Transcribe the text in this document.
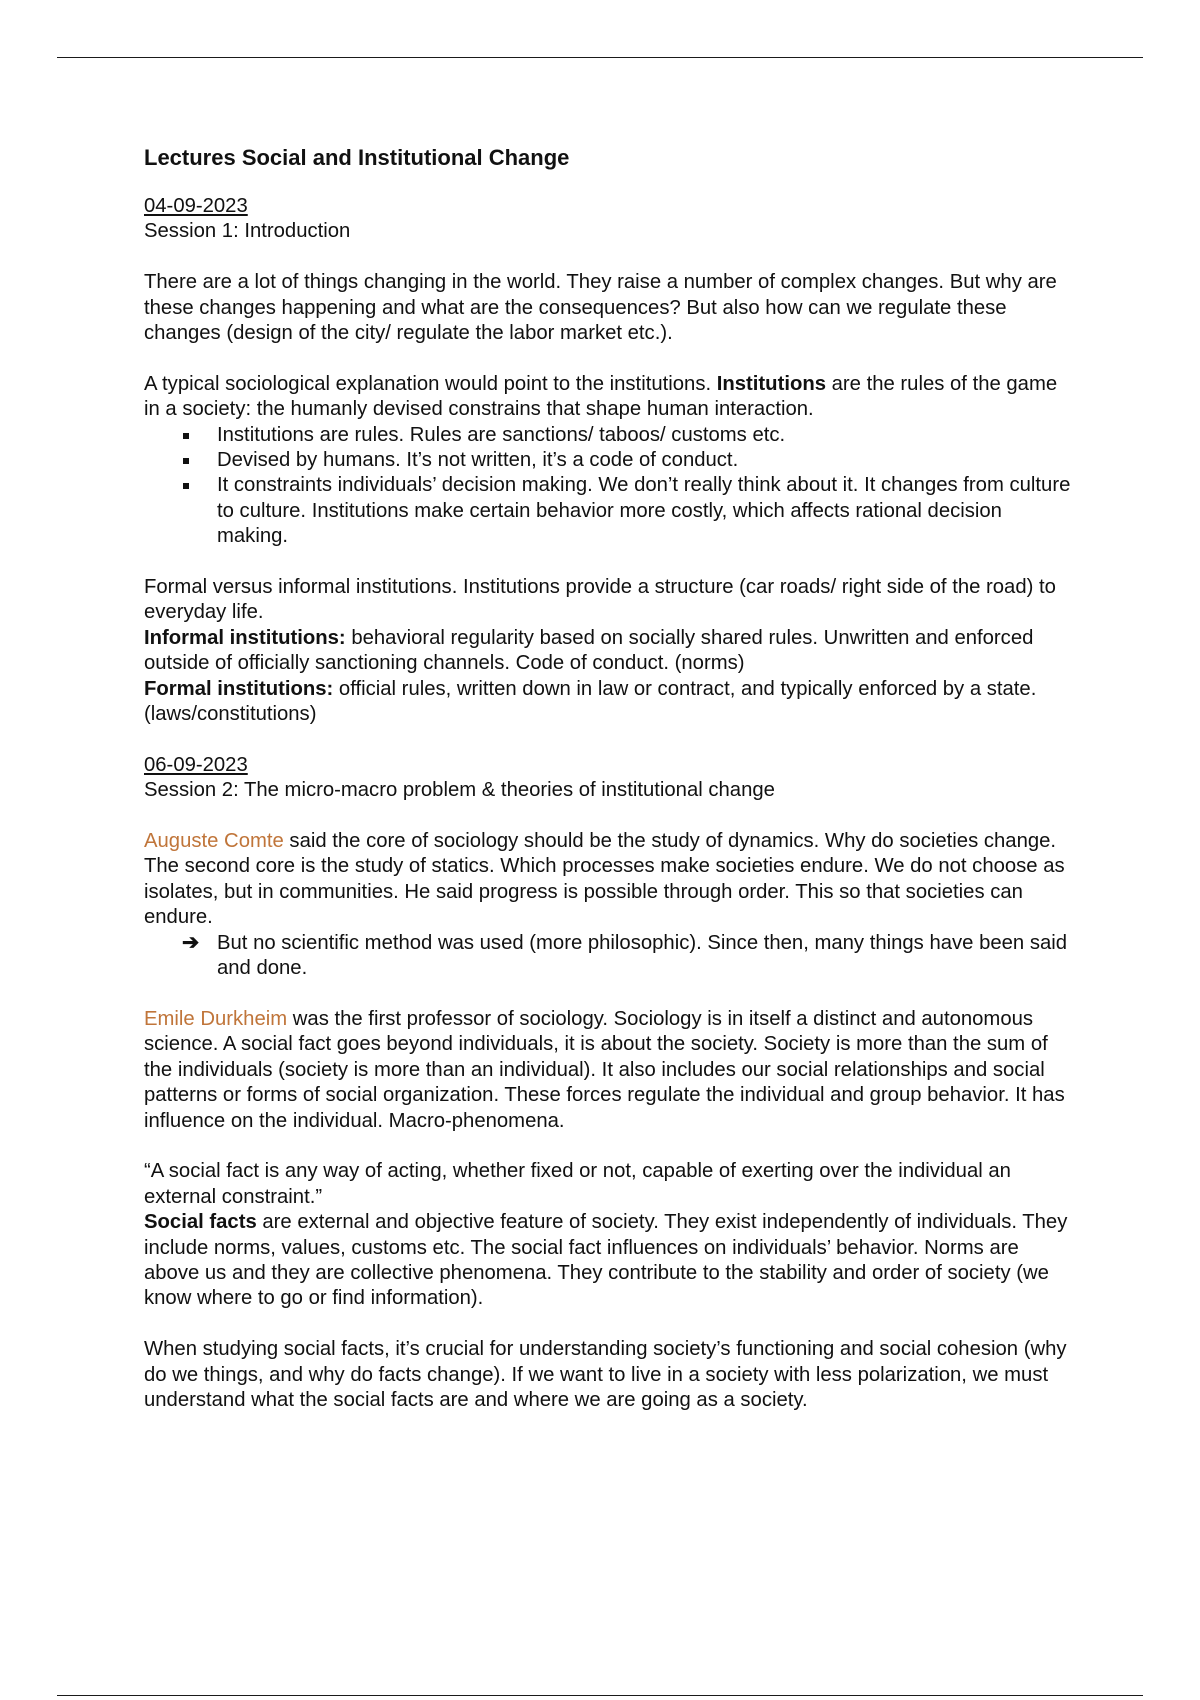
Lectures Social and Institutional Change
04-09-2023
Session 1: Introduction

There are a lot of things changing in the world. They raise a number of complex changes. But why are these changes happening and what are the consequences? But also how can we regulate these changes (design of the city/ regulate the labor market etc.).

A typical sociological explanation would point to the institutions. Institutions are the rules of the game in a society: the humanly devised constrains that shape human interaction.

Institutions are rules. Rules are sanctions/ taboos/ customs etc.
Devised by humans. It’s not written, it’s a code of conduct.
It constraints individuals’ decision making. We don’t really think about it. It changes from culture to culture. Institutions make certain behavior more costly, which affects rational decision making.

Formal versus informal institutions. Institutions provide a structure (car roads/ right side of the road) to everyday life.

Informal institutions: behavioral regularity based on socially shared rules. Unwritten and enforced outside of officially sanctioning channels. Code of conduct. (norms)

Formal institutions: official rules, written down in law or contract, and typically enforced by a state. (laws/constitutions)

06-09-2023
Session 2: The micro-macro problem & theories of institutional change

Auguste Comte said the core of sociology should be the study of dynamics. Why do societies change. The second core is the study of statics. Which processes make societies endure. We do not choose as isolates, but in communities. He said progress is possible through order. This so that societies can endure.

➔ But no scientific method was used (more philosophic). Since then, many things have been said and done.

Emile Durkheim was the first professor of sociology. Sociology is in itself a distinct and autonomous science. A social fact goes beyond individuals, it is about the society. Society is more than the sum of the individuals (society is more than an individual). It also includes our social relationships and social patterns or forms of social organization. These forces regulate the individual and group behavior. It has influence on the individual. Macro-phenomena.

“A social fact is any way of acting, whether fixed or not, capable of exerting over the individual an external constraint.”

Social facts are external and objective feature of society. They exist independently of individuals. They include norms, values, customs etc. The social fact influences on individuals’ behavior. Norms are above us and they are collective phenomena. They contribute to the stability and order of society (we know where to go or find information).

When studying social facts, it’s crucial for understanding society’s functioning and social cohesion (why do we things, and why do facts change). If we want to live in a society with less polarization, we must understand what the social facts are and where we are going as a society.
